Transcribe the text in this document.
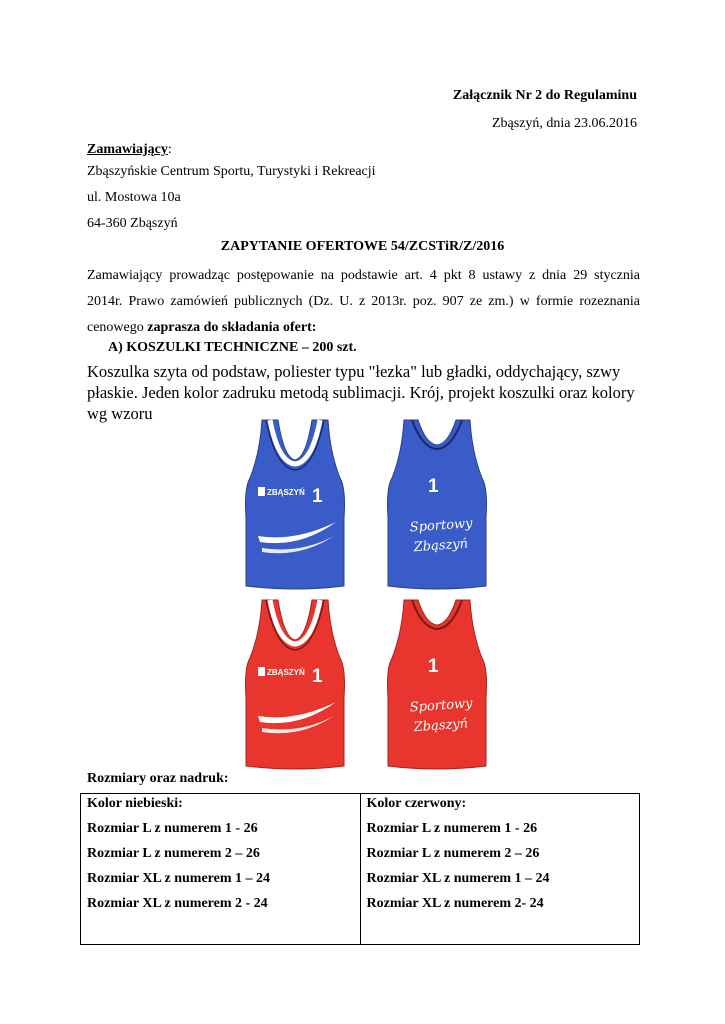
Załącznik Nr 2 do Regulaminu
Zbąszyń, dnia 23.06.2016
Zamawiający:
Zbąszyńskie Centrum Sportu, Turystyki i Rekreacji
ul. Mostowa 10a
64-360 Zbąszyń
ZAPYTANIE OFERTOWE 54/ZCSTiR/Z/2016
Zamawiający prowadząc postępowanie na podstawie art. 4 pkt 8 ustawy z dnia 29 stycznia
2014r. Prawo zamówień publicznych (Dz. U. z 2013r. poz. 907 ze zm.) w formie rozeznania
cenowego zaprasza do składania ofert:
A) KOSZULKI TECHNICZNE – 200 szt.
Koszulka szyta od podstaw, poliester typu "łezka" lub gładki, oddychający, szwy
płaskie. Jeden kolor zadruku metodą sublimacji. Krój, projekt koszulki oraz kolory
wg wzoru
ZBĄSZYŃ 1	1
Sportowy
Zbąszyń
ZBĄSZYŃ 1	1
Sportowy
Zbąszyń
Rozmiary oraz nadruk:
Kolor niebieski:
Rozmiar L z numerem 1 - 26
Rozmiar L z numerem 2 – 26
Rozmiar XL z numerem 1 – 24
Rozmiar XL z numerem 2 - 24

Kolor czerwony:
Rozmiar L z numerem 1 - 26
Rozmiar L z numerem 2 – 26
Rozmiar XL z numerem 1 – 24
Rozmiar XL z numerem 2- 24
